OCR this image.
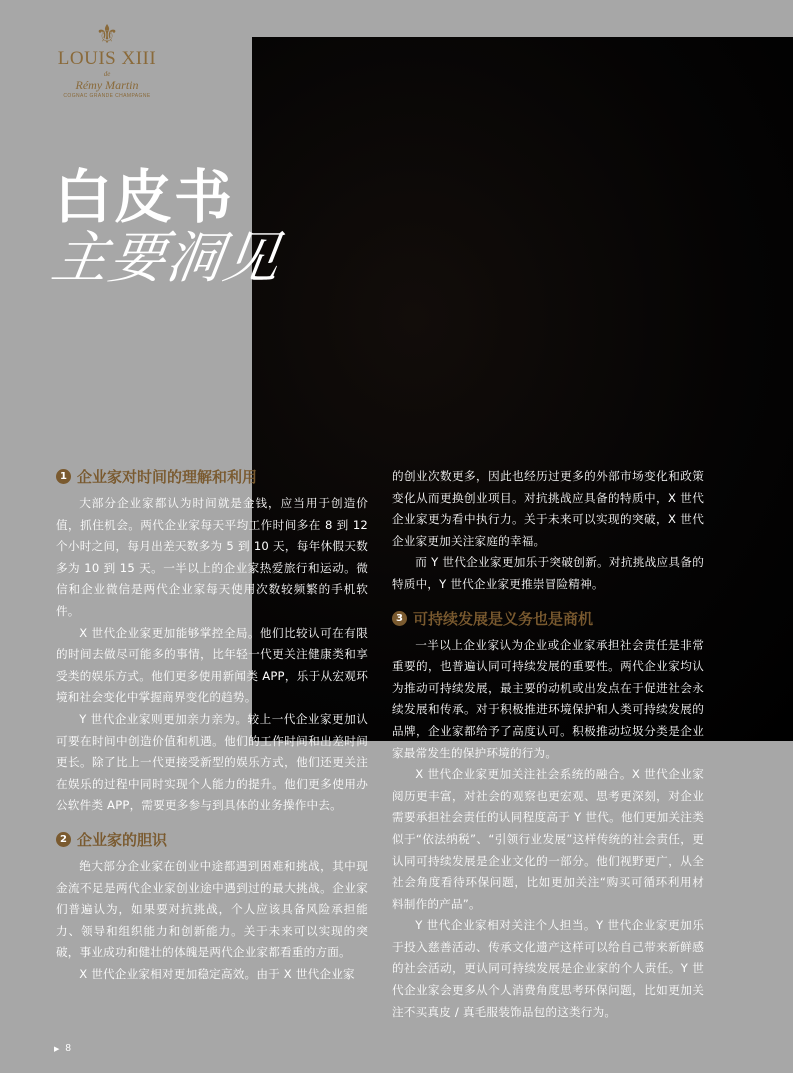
⚜
LOUIS XIII
de
Rémy Martin
COGNAC GRANDE CHAMPAGNE
白皮书
主要洞见
1 企业家对时间的理解和利用

大部分企业家都认为时间就是金钱，应当用于创造价值，抓住机会。两代企业家每天平均工作时间多在 8 到 12 个小时之间，每月出差天数多为 5 到 10 天，每年休假天数多为 10 到 15 天。一半以上的企业家热爱旅行和运动。微信和企业微信是两代企业家每天使用次数较频繁的手机软件。

X 世代企业家更加能够掌控全局。他们比较认可在有限的时间去做尽可能多的事情，比年轻一代更关注健康类和享受类的娱乐方式。他们更多使用新闻类 APP，乐于从宏观环境和社会变化中掌握商界变化的趋势。

Y 世代企业家则更加亲力亲为。较上一代企业家更加认可要在时间中创造价值和机遇。他们的工作时间和出差时间更长。除了比上一代更接受新型的娱乐方式，他们还更关注在娱乐的过程中同时实现个人能力的提升。他们更多使用办公软件类 APP，需要更多参与到具体的业务操作中去。

2 企业家的胆识

绝大部分企业家在创业中途都遇到困难和挑战，其中现金流不足是两代企业家创业途中遇到过的最大挑战。企业家们普遍认为，如果要对抗挑战，个人应该具备风险承担能力、领导和组织能力和创新能力。关于未来可以实现的突破，事业成功和健壮的体魄是两代企业家都看重的方面。

X 世代企业家相对更加稳定高效。由于 X 世代企业家

的创业次数更多，因此也经历过更多的外部市场变化和政策变化从而更换创业项目。对抗挑战应具备的特质中，X 世代企业家更为看中执行力。关于未来可以实现的突破，X 世代企业家更加关注家庭的幸福。

而 Y 世代企业家更加乐于突破创新。对抗挑战应具备的特质中，Y 世代企业家更推崇冒险精神。

3 可持续发展是义务也是商机

一半以上企业家认为企业或企业家承担社会责任是非常重要的，也普遍认同可持续发展的重要性。两代企业家均认为推动可持续发展，最主要的动机或出发点在于促进社会永续发展和传承。对于积极推进环境保护和人类可持续发展的品牌，企业家都给予了高度认可。积极推动垃圾分类是企业家最常发生的保护环境的行为。

X 世代企业家更加关注社会系统的融合。X 世代企业家阅历更丰富，对社会的观察也更宏观、思考更深刻，对企业需要承担社会责任的认同程度高于 Y 世代。他们更加关注类似于“依法纳税”、“引领行业发展”这样传统的社会责任，更认同可持续发展是企业文化的一部分。他们视野更广，从全社会角度看待环保问题，比如更加关注“购买可循环利用材料制作的产品”。

Y 世代企业家相对关注个人担当。Y 世代企业家更加乐于投入慈善活动、传承文化遗产这样可以给自己带来新鲜感的社会活动，更认同可持续发展是企业家的个人责任。Y 世代企业家会更多从个人消费角度思考环保问题，比如更加关注不买真皮 / 真毛服装饰品包的这类行为。

▶ 8
